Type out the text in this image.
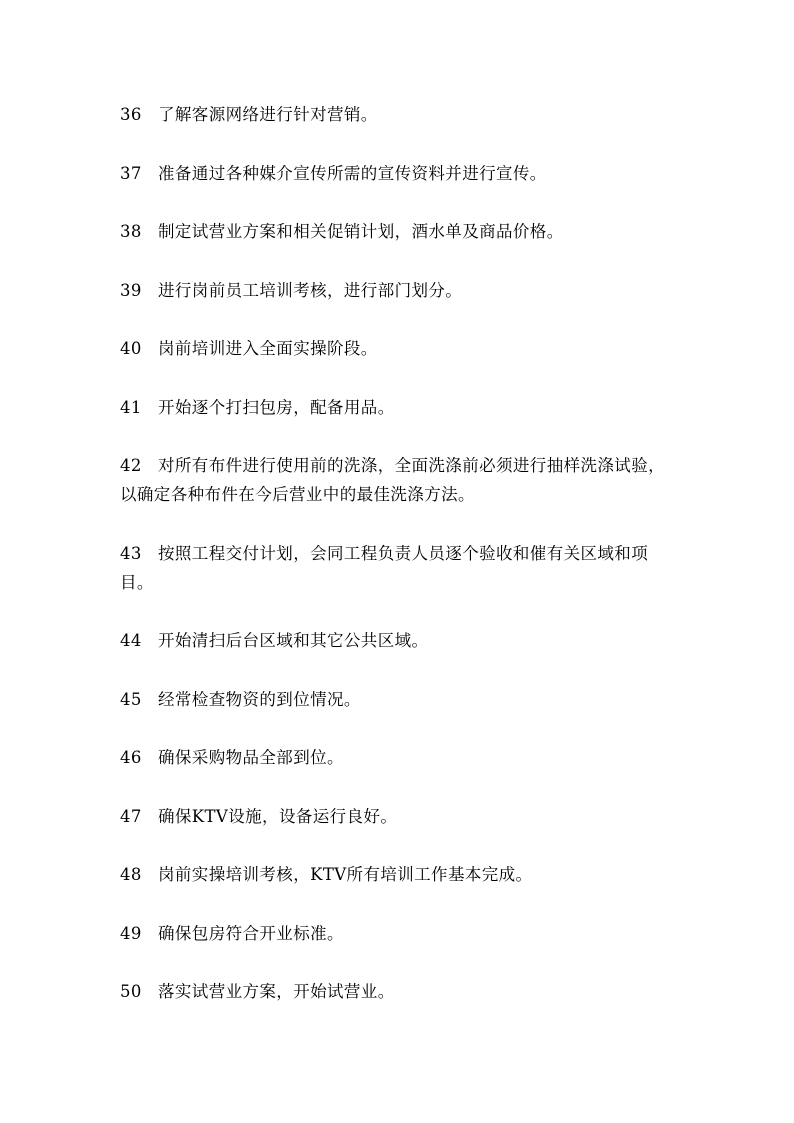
36 了解客源网络进行针对营销。
37 准备通过各种媒介宣传所需的宣传资料并进行宣传。
38 制定试营业方案和相关促销计划，酒水单及商品价格。
39 进行岗前员工培训考核，进行部门划分。
40 岗前培训进入全面实操阶段。
41 开始逐个打扫包房，配备用品。
42 对所有布件进行使用前的洗涤，全面洗涤前必须进行抽样洗涤试验，以确定各种布件在今后营业中的最佳洗涤方法。
43 按照工程交付计划，会同工程负责人员逐个验收和催有关区域和项目。
44 开始清扫后台区域和其它公共区域。
45 经常检查物资的到位情况。
46 确保采购物品全部到位。
47 确保KTV设施，设备运行良好。
48 岗前实操培训考核，KTV所有培训工作基本完成。
49 确保包房符合开业标准。
50 落实试营业方案，开始试营业。
